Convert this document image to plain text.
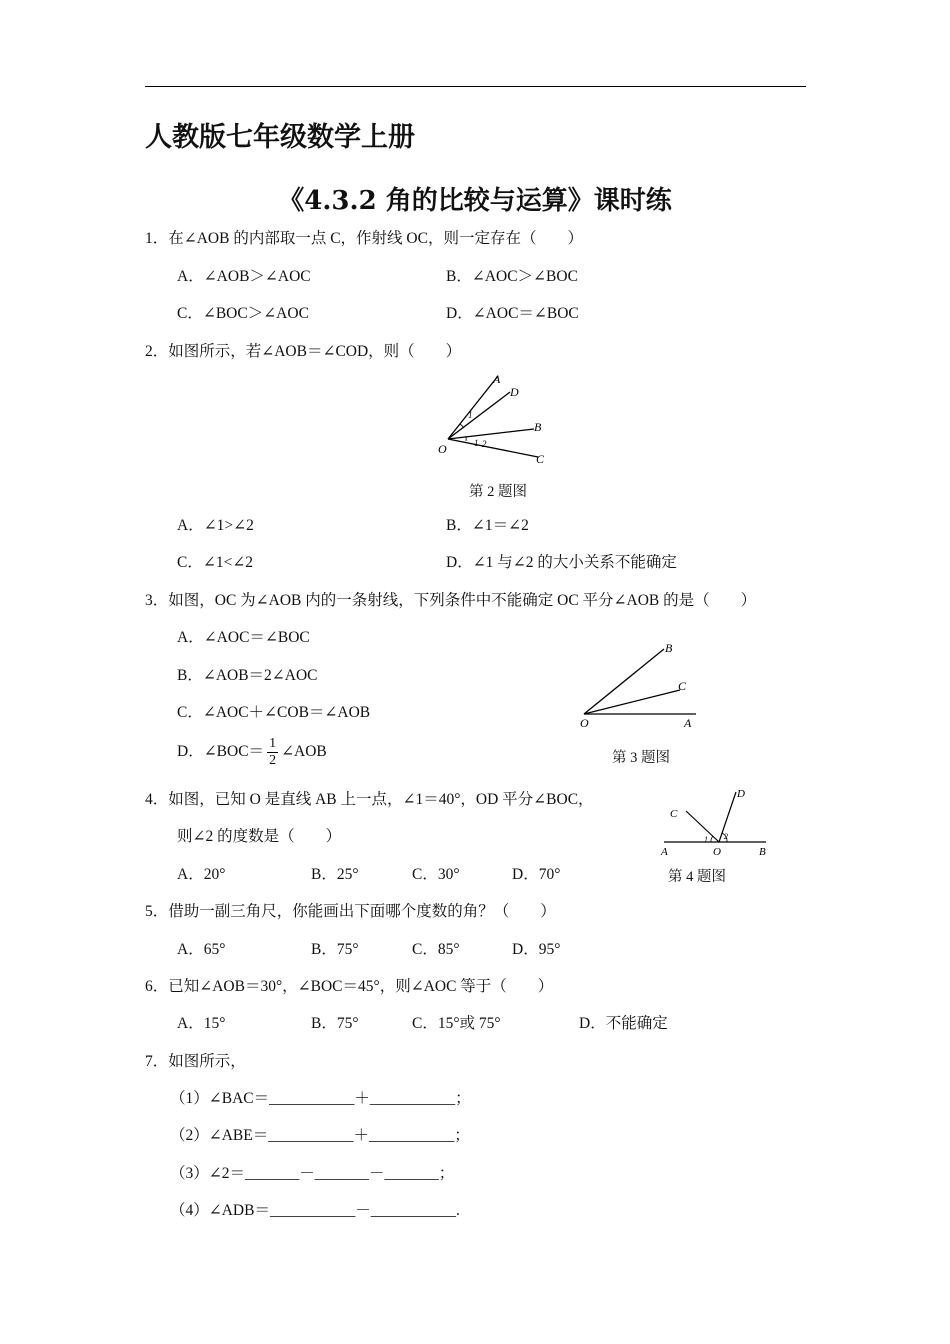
人教版七年级数学上册
《4.3.2 角的比较与运算》课时练
1．在∠AOB 的内部取一点 C，作射线 OC，则一定存在（　　）
A．∠AOB＞∠AOC	B．∠AOC＞∠BOC
C．∠BOC＞∠AOC	D．∠AOC＝∠BOC
2．如图所示，若∠AOB＝∠COD，则（　　）
A
D
B
C
O
1
1 2
第 2 题图
A．∠1>∠2	B．∠1＝∠2
C．∠1<∠2	D．∠1 与∠2 的大小关系不能确定
3．如图，OC 为∠AOB 内的一条射线，下列条件中不能确定 OC 平分∠AOB 的是（　　）
A．∠AOC＝∠BOC
B．∠AOB＝2∠AOC
C．∠AOC＋∠COB＝∠AOB
D．∠BOC＝ $\frac{1}{2}$ ∠AOB
B
C
O	A
第 3 题图
4．如图，已知 O 是直线 AB 上一点，∠1＝40°，OD 平分∠BOC，
则∠2 的度数是（　　）
A．20°	B．25°	C．30°	D．70°
C
D
A	O	B
1 2
第 4 题图
5．借助一副三角尺，你能画出下面哪个度数的角？（　　）
A．65°	B．75°	C．85°	D．95°
6．已知∠AOB＝30°，∠BOC＝45°，则∠AOC 等于（　　）
A．15°	B．75°	C．15°或 75°	D．不能确定
7．如图所示，
（1）∠BAC＝___________＋___________；
（2）∠ABE＝___________＋___________；
（3）∠2＝_______－_______－_______；
（4）∠ADB＝___________－___________.
